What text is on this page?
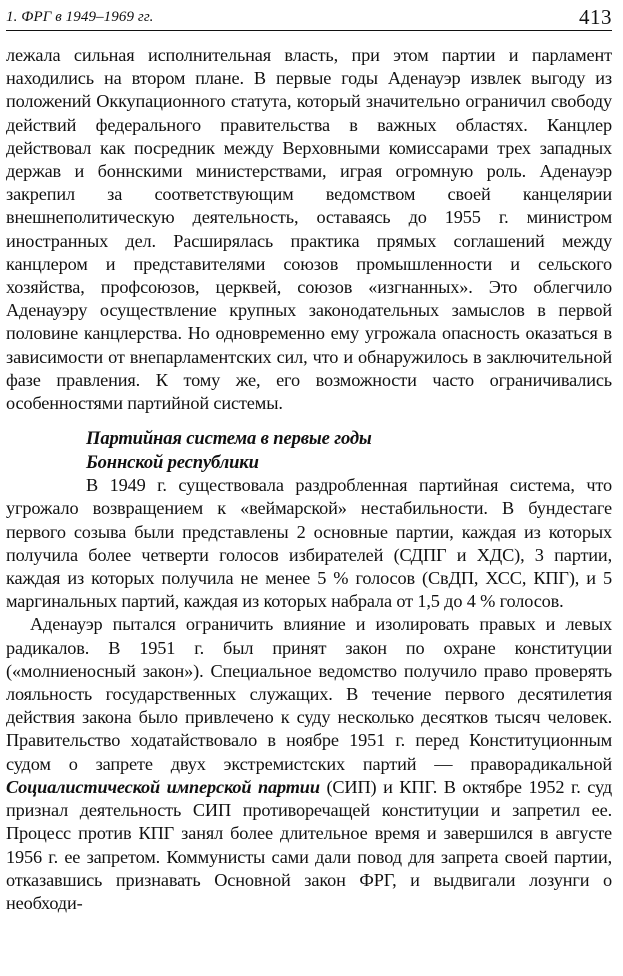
1. ФРГ в 1949–1969 гг.	413

лежала сильная исполнительная власть, при этом партии и парламент находились на втором плане. В первые годы Аденауэр извлек выгоду из положений Оккупационного статута, который значительно ограничил свободу действий федерального правительства в важных областях. Канцлер действовал как посредник между Верховными комиссарами трех западных держав и боннскими министерствами, играя огромную роль. Аденауэр закрепил за соответствующим ведомством своей канцелярии внешнеполитическую деятельность, оставаясь до 1955 г. министром иностранных дел. Расширялась практика прямых соглашений между канцлером и представителями союзов промышленности и сельского хозяйства, профсоюзов, церквей, союзов «изгнанных». Это облегчило Аденауэру осуществление крупных законодательных замыслов в первой половине канцлерства. Но одновременно ему угрожала опасность оказаться в зависимости от внепарламентских сил, что и обнаружилось в заключительной фазе правления. К тому же, его возможности часто ограничивались особенностями партийной системы.

Партийная система в первые годы
Боннской республики

В 1949 г. существовала раздробленная партийная система, что угрожало возвращением к «веймарской» нестабильности. В бундестаге первого созыва были представлены 2 основные партии, каждая из которых получила более четверти голосов избирателей (СДПГ и ХДС), 3 партии, каждая из которых получила не менее 5 % голосов (СвДП, ХСС, КПГ), и 5 маргинальных партий, каждая из которых набрала от 1,5 до 4 % голосов.

Аденауэр пытался ограничить влияние и изолировать правых и левых радикалов. В 1951 г. был принят закон по охране конституции («молниеносный закон»). Специальное ведомство получило право проверять лояльность государственных служащих. В течение первого десятилетия действия закона было привлечено к суду несколько десятков тысяч человек. Правительство ходатайствовало в ноябре 1951 г. перед Конституционным судом о запрете двух экстремистских партий — праворадикальной Социалистической имперской партии (СИП) и КПГ. В октябре 1952 г. суд признал деятельность СИП противоречащей конституции и запретил ее. Процесс против КПГ занял более длительное время и завершился в августе 1956 г. ее запретом. Коммунисты сами дали повод для запрета своей партии, отказавшись признавать Основной закон ФРГ, и выдвигали лозунги о необходи-
